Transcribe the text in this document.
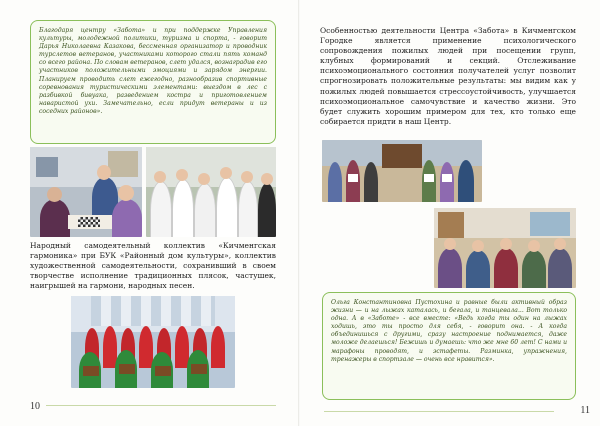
Благодаря центру «Забота» и при поддержке Управления культуры, молодежной политики, туризма и спорта, - говорит Дарья Николаевна Казакова, бессменная организатор и проводник турслетов ветеранов, участниками которого стали пять команд со всего района. По словам ветеранов, слет удался, вознаградив его участников положительными эмоциями и зарядом энергии. Планируем проводить слет ежегодно, разнообразив спортивные соревнования туристическими элементами: выездом в лес с разбивкой бивуака, разведением костра и приготовлением наваристой ухи. Замечательно, если придут ветераны и из соседних районов».
Народный самодеятельный коллектив «Кичменгская гармоника» при БУК «Районный дом культуры», коллектив художественной самодеятельности, сохранивший в своем творчестве исполнение традиционных плясок, частушек, наигрышей на гармони, народных песен.
10
Особенностью деятельности Центра «Забота» в Кичменгском Городке является применение психологического сопровождения пожилых людей при посещении групп, клубных формирований и секций. Отслеживание психоэмоционального состояния получателей услуг позволит спрогнозировать положительные результаты: мы видим как у пожилых людей повышается стрессоустойчивость, улучшается психоэмоциональное самочувствие и качество жизни. Это будет служить хорошим примером для тех, кто только еще собирается придти в наш Центр.
Ольга Константиновна Пустохина и равные были активный образ жизни — и на лыжах каталась, и бегала, и танцевала... Вот только одна. А в «Заботе» - все вместе: «Ведь когда ты один на лыжах ходишь, это ты просто для себя, - говорит она. - А когда объединишься с другими, сразу настроение поднимается, даже моложе делаешься! Бежишь и думаешь: что же мне 60 лет! С нами и марафоны проводят, и эстафеты. Разминка, упражнения, тренажеры в спортзале — очень все нравится».
11
